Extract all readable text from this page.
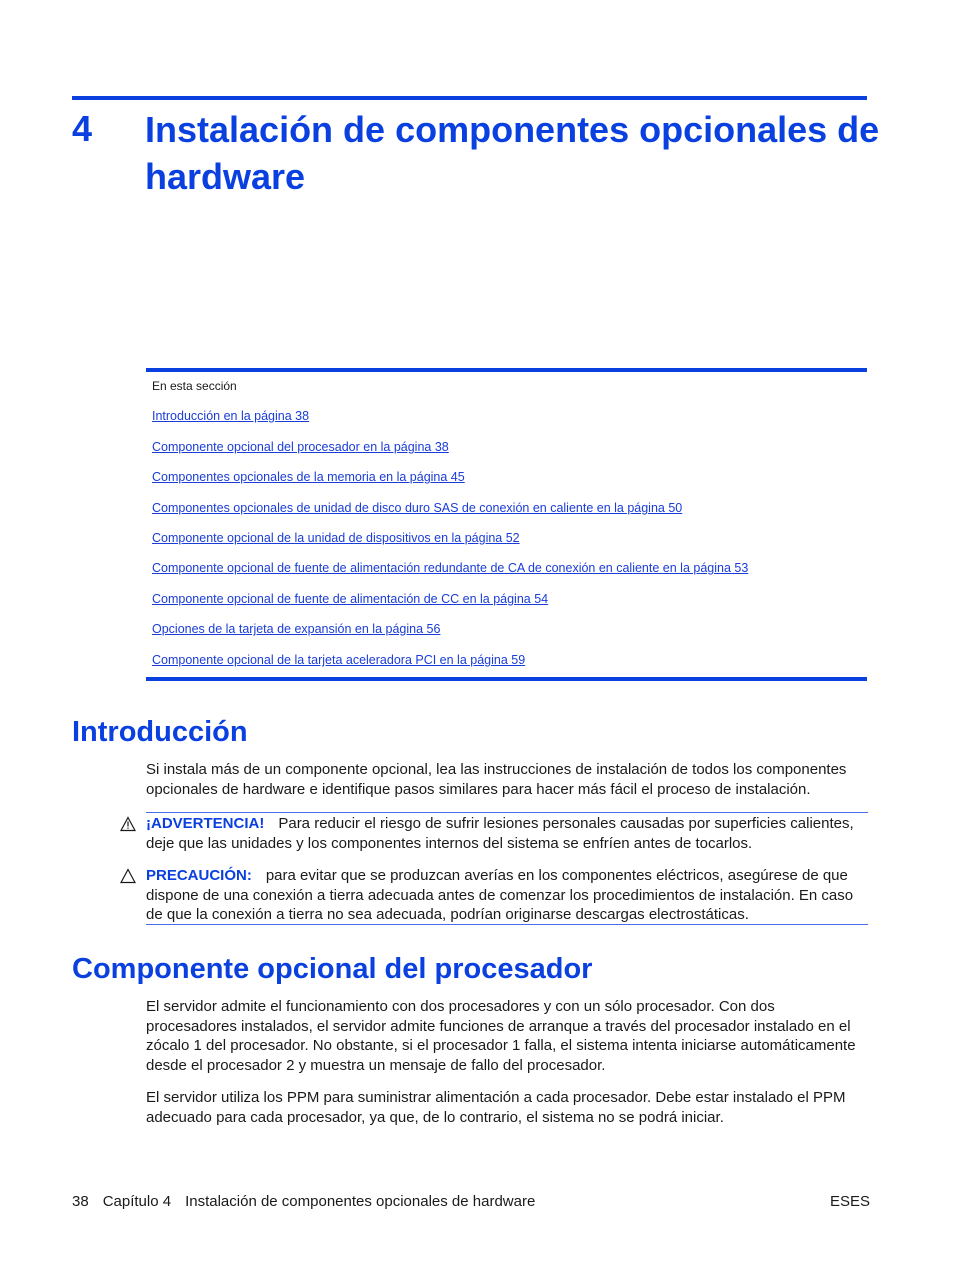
4 Instalación de componentes opcionales de hardware
En esta sección
Introducción en la página 38
Componente opcional del procesador en la página 38
Componentes opcionales de la memoria en la página 45
Componentes opcionales de unidad de disco duro SAS de conexión en caliente en la página 50
Componente opcional de la unidad de dispositivos en la página 52
Componente opcional de fuente de alimentación redundante de CA de conexión en caliente en la página 53
Componente opcional de fuente de alimentación de CC en la página 54
Opciones de la tarjeta de expansión en la página 56
Componente opcional de la tarjeta aceleradora PCI en la página 59
Introducción

Si instala más de un componente opcional, lea las instrucciones de instalación de todos los componentes opcionales de hardware e identifique pasos similares para hacer más fácil el proceso de instalación.

¡ADVERTENCIA! Para reducir el riesgo de sufrir lesiones personales causadas por superficies calientes, deje que las unidades y los componentes internos del sistema se enfríen antes de tocarlos.

PRECAUCIÓN: para evitar que se produzcan averías en los componentes eléctricos, asegúrese de que dispone de una conexión a tierra adecuada antes de comenzar los procedimientos de instalación. En caso de que la conexión a tierra no sea adecuada, podrían originarse descargas electrostáticas.

Componente opcional del procesador

El servidor admite el funcionamiento con dos procesadores y con un sólo procesador. Con dos procesadores instalados, el servidor admite funciones de arranque a través del procesador instalado en el zócalo 1 del procesador. No obstante, si el procesador 1 falla, el sistema intenta iniciarse automáticamente desde el procesador 2 y muestra un mensaje de fallo del procesador.

El servidor utiliza los PPM para suministrar alimentación a cada procesador. Debe estar instalado el PPM adecuado para cada procesador, ya que, de lo contrario, el sistema no se podrá iniciar.

38 Capítulo 4 Instalación de componentes opcionales de hardware	ESES
